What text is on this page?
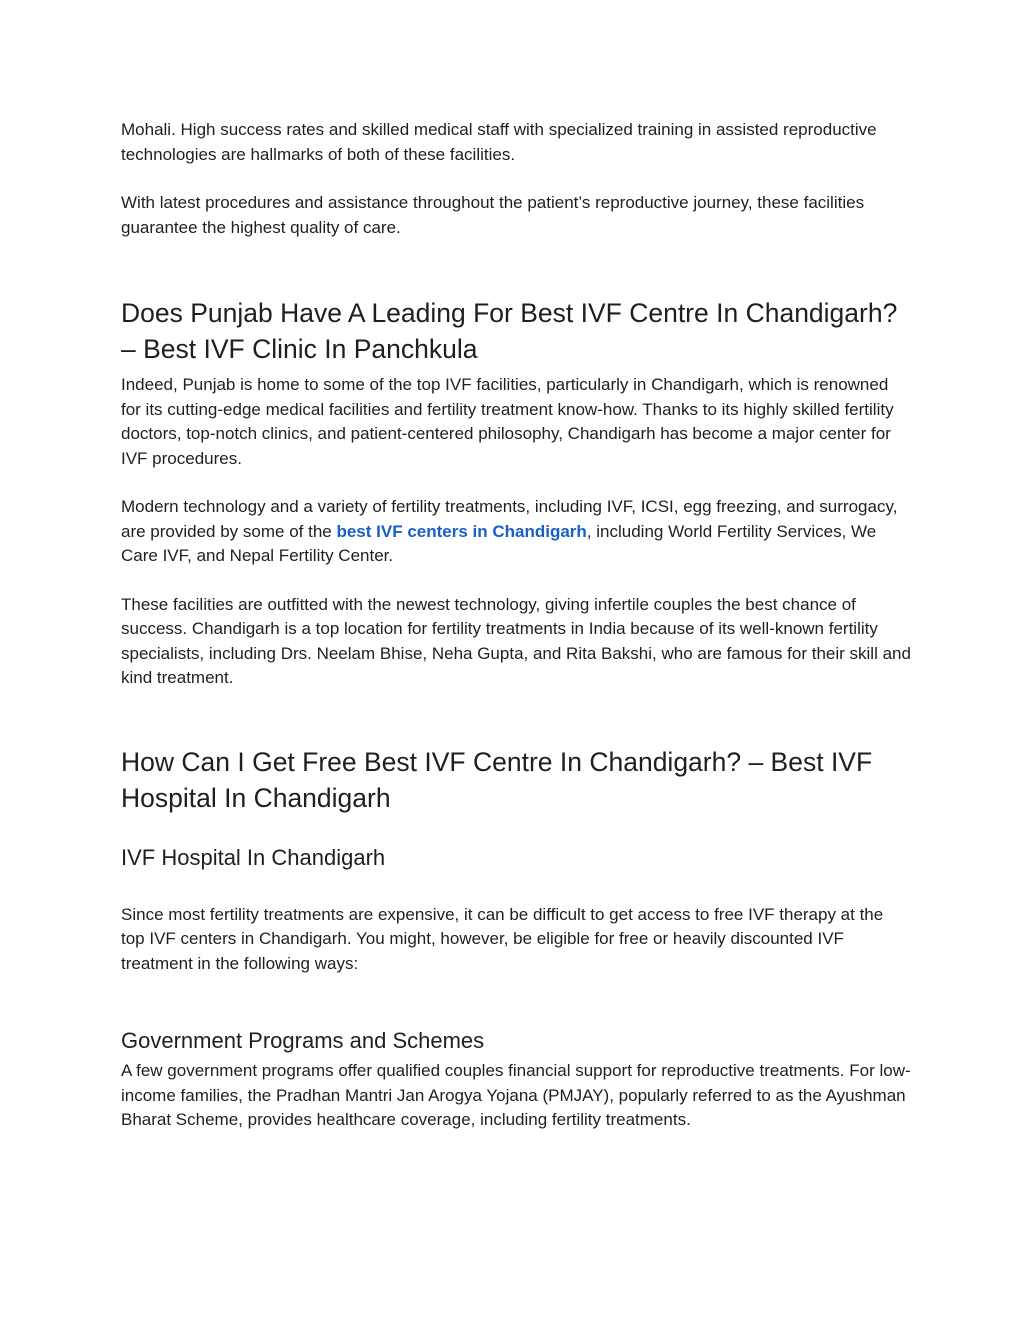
Mohali. High success rates and skilled medical staff with specialized training in assisted reproductive technologies are hallmarks of both of these facilities.

With latest procedures and assistance throughout the patient’s reproductive journey, these facilities guarantee the highest quality of care.

Does Punjab Have A Leading For Best IVF Centre In Chandigarh? – Best IVF Clinic In Panchkula

Indeed, Punjab is home to some of the top IVF facilities, particularly in Chandigarh, which is renowned for its cutting-edge medical facilities and fertility treatment know-how. Thanks to its highly skilled fertility doctors, top-notch clinics, and patient-centered philosophy, Chandigarh has become a major center for IVF procedures.

Modern technology and a variety of fertility treatments, including IVF, ICSI, egg freezing, and surrogacy, are provided by some of the best IVF centers in Chandigarh, including World Fertility Services, We Care IVF, and Nepal Fertility Center.

These facilities are outfitted with the newest technology, giving infertile couples the best chance of success. Chandigarh is a top location for fertility treatments in India because of its well-known fertility specialists, including Drs. Neelam Bhise, Neha Gupta, and Rita Bakshi, who are famous for their skill and kind treatment.

How Can I Get Free Best IVF Centre In Chandigarh? – Best IVF Hospital In Chandigarh
IVF Hospital In Chandigarh

Since most fertility treatments are expensive, it can be difficult to get access to free IVF therapy at the top IVF centers in Chandigarh. You might, however, be eligible for free or heavily discounted IVF treatment in the following ways:

Government Programs and Schemes

A few government programs offer qualified couples financial support for reproductive treatments. For low-income families, the Pradhan Mantri Jan Arogya Yojana (PMJAY), popularly referred to as the Ayushman Bharat Scheme, provides healthcare coverage, including fertility treatments.
